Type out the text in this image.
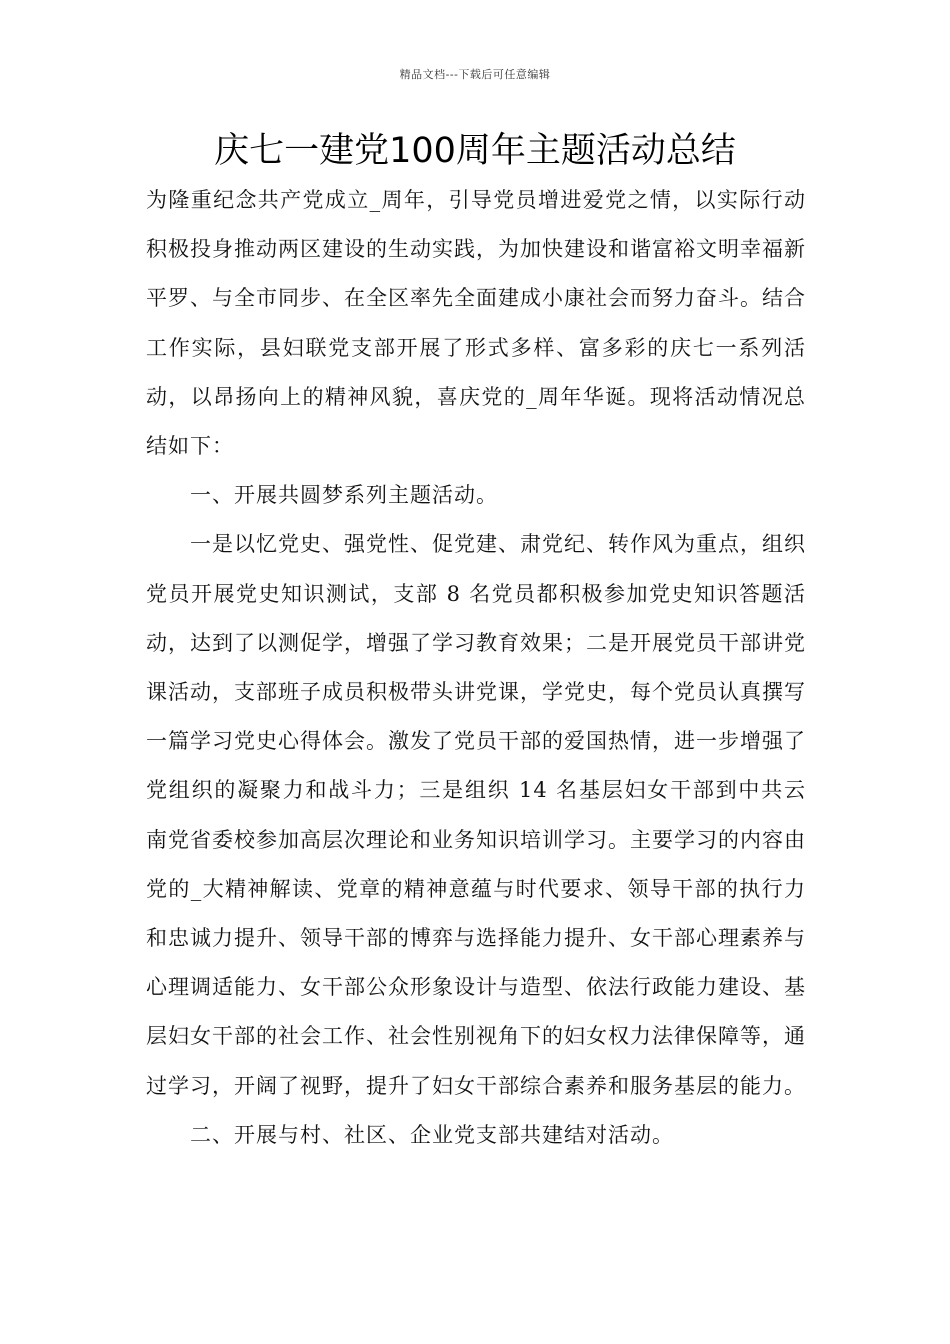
精品文档---下载后可任意编辑
庆七一建党100周年主题活动总结

为隆重纪念共产党成立_周年，引导党员增进爱党之情，以实际行动积极投身推动两区建设的生动实践，为加快建设和谐富裕文明幸福新平罗、与全市同步、在全区率先全面建成小康社会而努力奋斗。结合工作实际，县妇联党支部开展了形式多样、富多彩的庆七一系列活动，以昂扬向上的精神风貌，喜庆党的_周年华诞。现将活动情况总结如下：

一、开展共圆梦系列主题活动。

一是以忆党史、强党性、促党建、肃党纪、转作风为重点，组织党员开展党史知识测试，支部 8 名党员都积极参加党史知识答题活动，达到了以测促学，增强了学习教育效果；二是开展党员干部讲党课活动，支部班子成员积极带头讲党课，学党史，每个党员认真撰写一篇学习党史心得体会。激发了党员干部的爱国热情，进一步增强了党组织的凝聚力和战斗力；三是组织 14 名基层妇女干部到中共云南党省委校参加高层次理论和业务知识培训学习。主要学习的内容由党的_大精神解读、党章的精神意蕴与时代要求、领导干部的执行力和忠诚力提升、领导干部的博弈与选择能力提升、女干部心理素养与心理调适能力、女干部公众形象设计与造型、依法行政能力建设、基层妇女干部的社会工作、社会性别视角下的妇女权力法律保障等，通过学习，开阔了视野，提升了妇女干部综合素养和服务基层的能力。

二、开展与村、社区、企业党支部共建结对活动。
